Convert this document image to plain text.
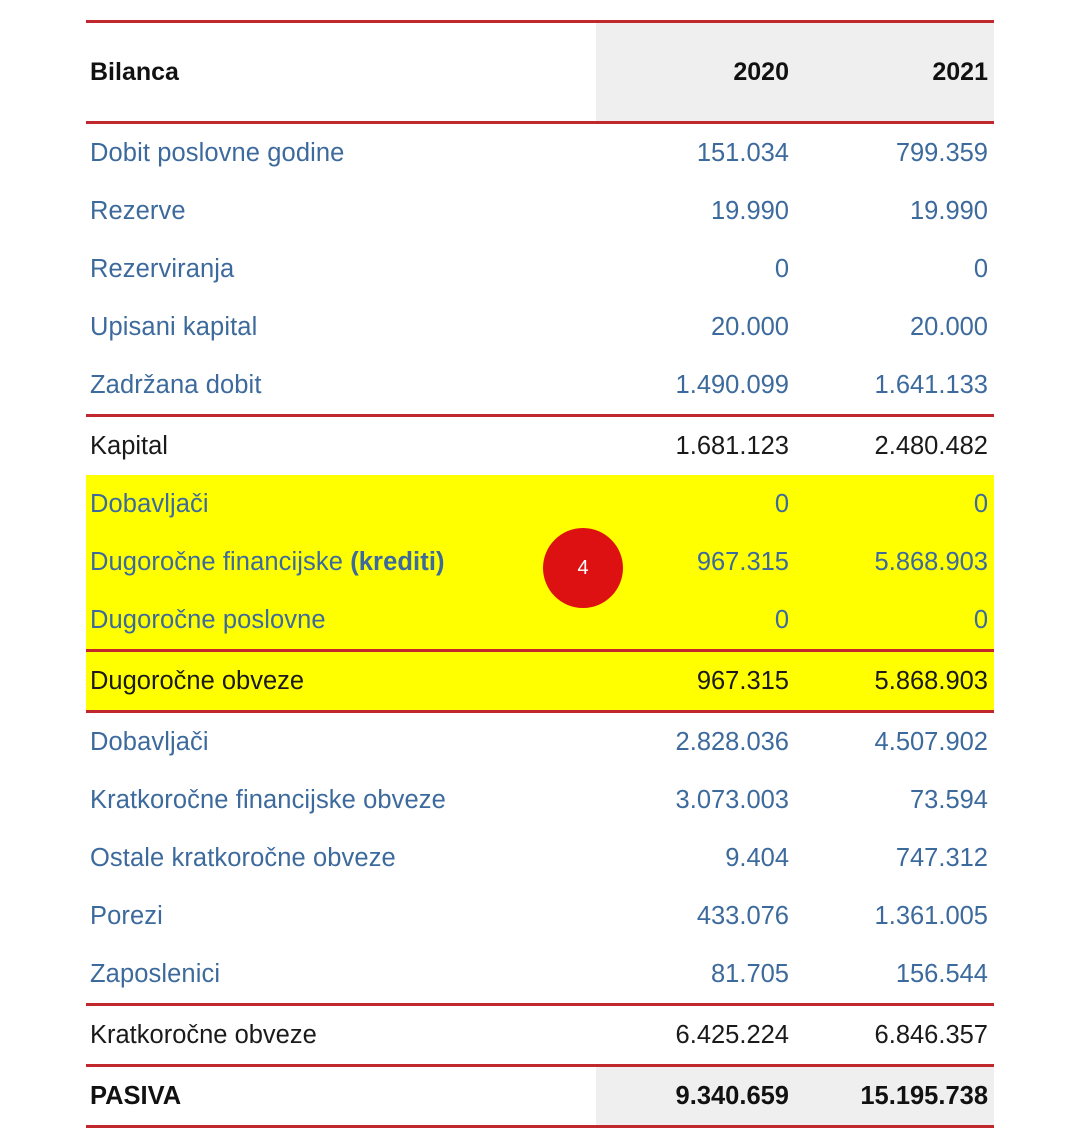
Bilanca	2020	2021
Dobit poslovne godine	151.034	799.359
Rezerve	19.990	19.990
Rezerviranja	0	0
Upisani kapital	20.000	20.000
Zadržana dobit	1.490.099	1.641.133
Kapital	1.681.123	2.480.482
Dobavljači	0	0
Dugoročne financijske (krediti)	967.315	5.868.903
Dugoročne poslovne	0	0
Dugoročne obveze	967.315	5.868.903
Dobavljači	2.828.036	4.507.902
Kratkoročne financijske obveze	3.073.003	73.594
Ostale kratkoročne obveze	9.404	747.312
Porezi	433.076	1.361.005
Zaposlenici	81.705	156.544
Kratkoročne obveze	6.425.224	6.846.357
PASIVA	9.340.659	15.195.738
4
